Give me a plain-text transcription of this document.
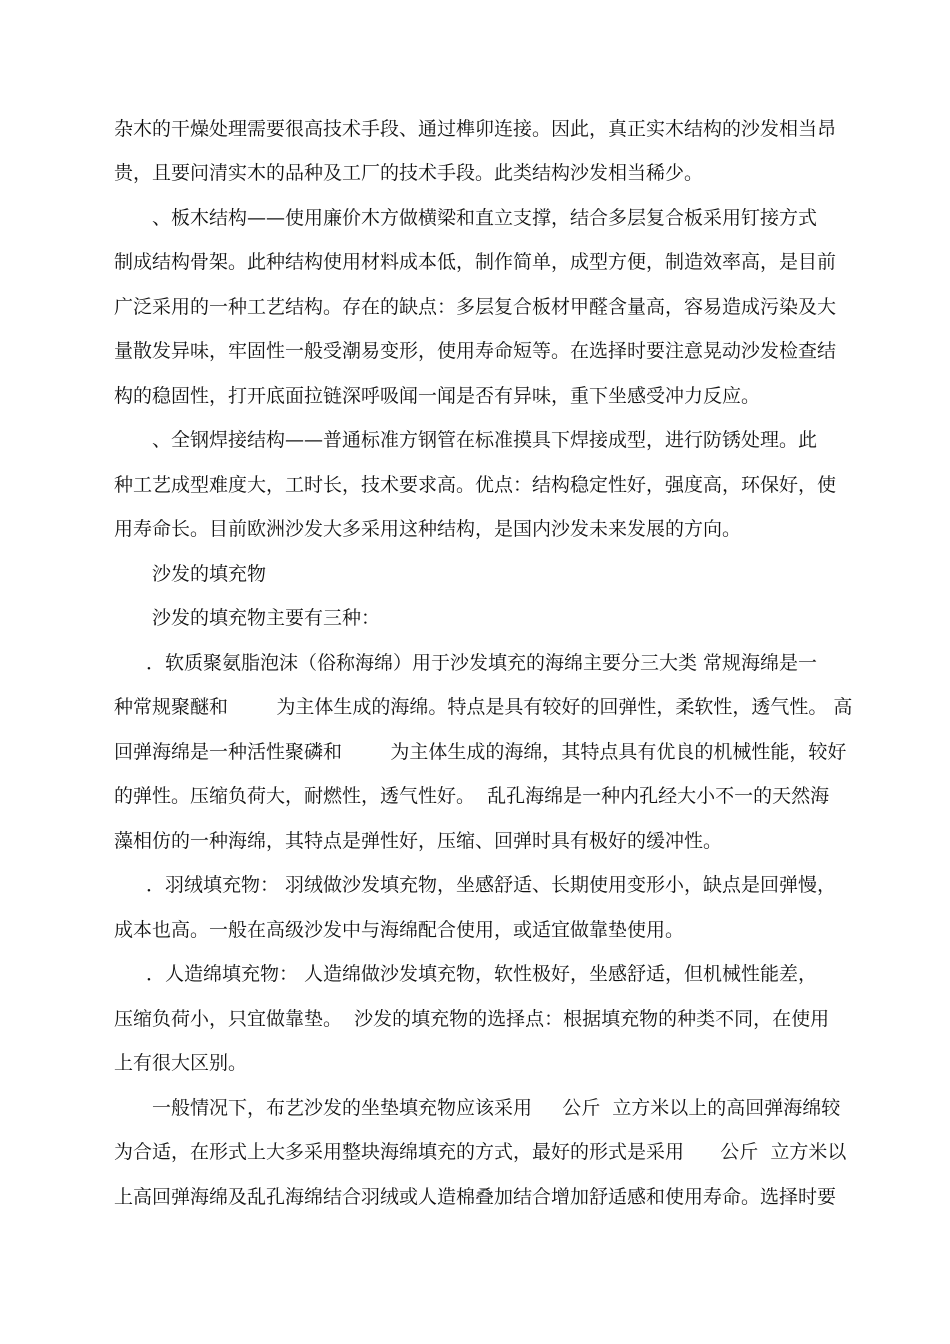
杂木的干燥处理需要很高技术手段、通过榫卯连接。因此，真正实木结构的沙发相当昂
贵，且要问清实木的品种及工厂的技术手段。此类结构沙发相当稀少。
、板木结构——使用廉价木方做横梁和直立支撑，结合多层复合板采用钉接方式
制成结构骨架。此种结构使用材料成本低，制作简单，成型方便，制造效率高，是目前
广泛采用的一种工艺结构。存在的缺点：多层复合板材甲醛含量高，容易造成污染及大
量散发异味，牢固性一般受潮易变形，使用寿命短等。在选择时要注意晃动沙发检查结
构的稳固性，打开底面拉链深呼吸闻一闻是否有异味，重下坐感受冲力反应。
、全钢焊接结构——普通标准方钢管在标准摸具下焊接成型，进行防锈处理。此
种工艺成型难度大，工时长，技术要求高。优点：结构稳定性好，强度高，环保好，使
用寿命长。目前欧洲沙发大多采用这种结构，是国内沙发未来发展的方向。
沙发的填充物
沙发的填充物主要有三种：
．软质聚氨脂泡沫（俗称海绵）用于沙发填充的海绵主要分三大类 常规海绵是一
种常规聚醚和        为主体生成的海绵。特点是具有较好的回弹性，柔软性，透气性。 高
回弹海绵是一种活性聚磷和        为主体生成的海绵，其特点具有优良的机械性能，较好
的弹性。压缩负荷大，耐燃性，透气性好。  乱孔海绵是一种内孔经大小不一的天然海
藻相仿的一种海绵，其特点是弹性好，压缩、回弹时具有极好的缓冲性。
．羽绒填充物： 羽绒做沙发填充物，坐感舒适、长期使用变形小，缺点是回弹慢，
成本也高。一般在高级沙发中与海绵配合使用，或适宜做靠垫使用。
．人造绵填充物： 人造绵做沙发填充物，软性极好，坐感舒适，但机械性能差，
压缩负荷小，只宜做靠垫。  沙发的填充物的选择点：根据填充物的种类不同，在使用
上有很大区别。
一般情况下，布艺沙发的坐垫填充物应该采用     公斤  立方米以上的高回弹海绵较
为合适，在形式上大多采用整块海绵填充的方式，最好的形式是采用      公斤  立方米以
上高回弹海绵及乱孔海绵结合羽绒或人造棉叠加结合增加舒适感和使用寿命。选择时要
